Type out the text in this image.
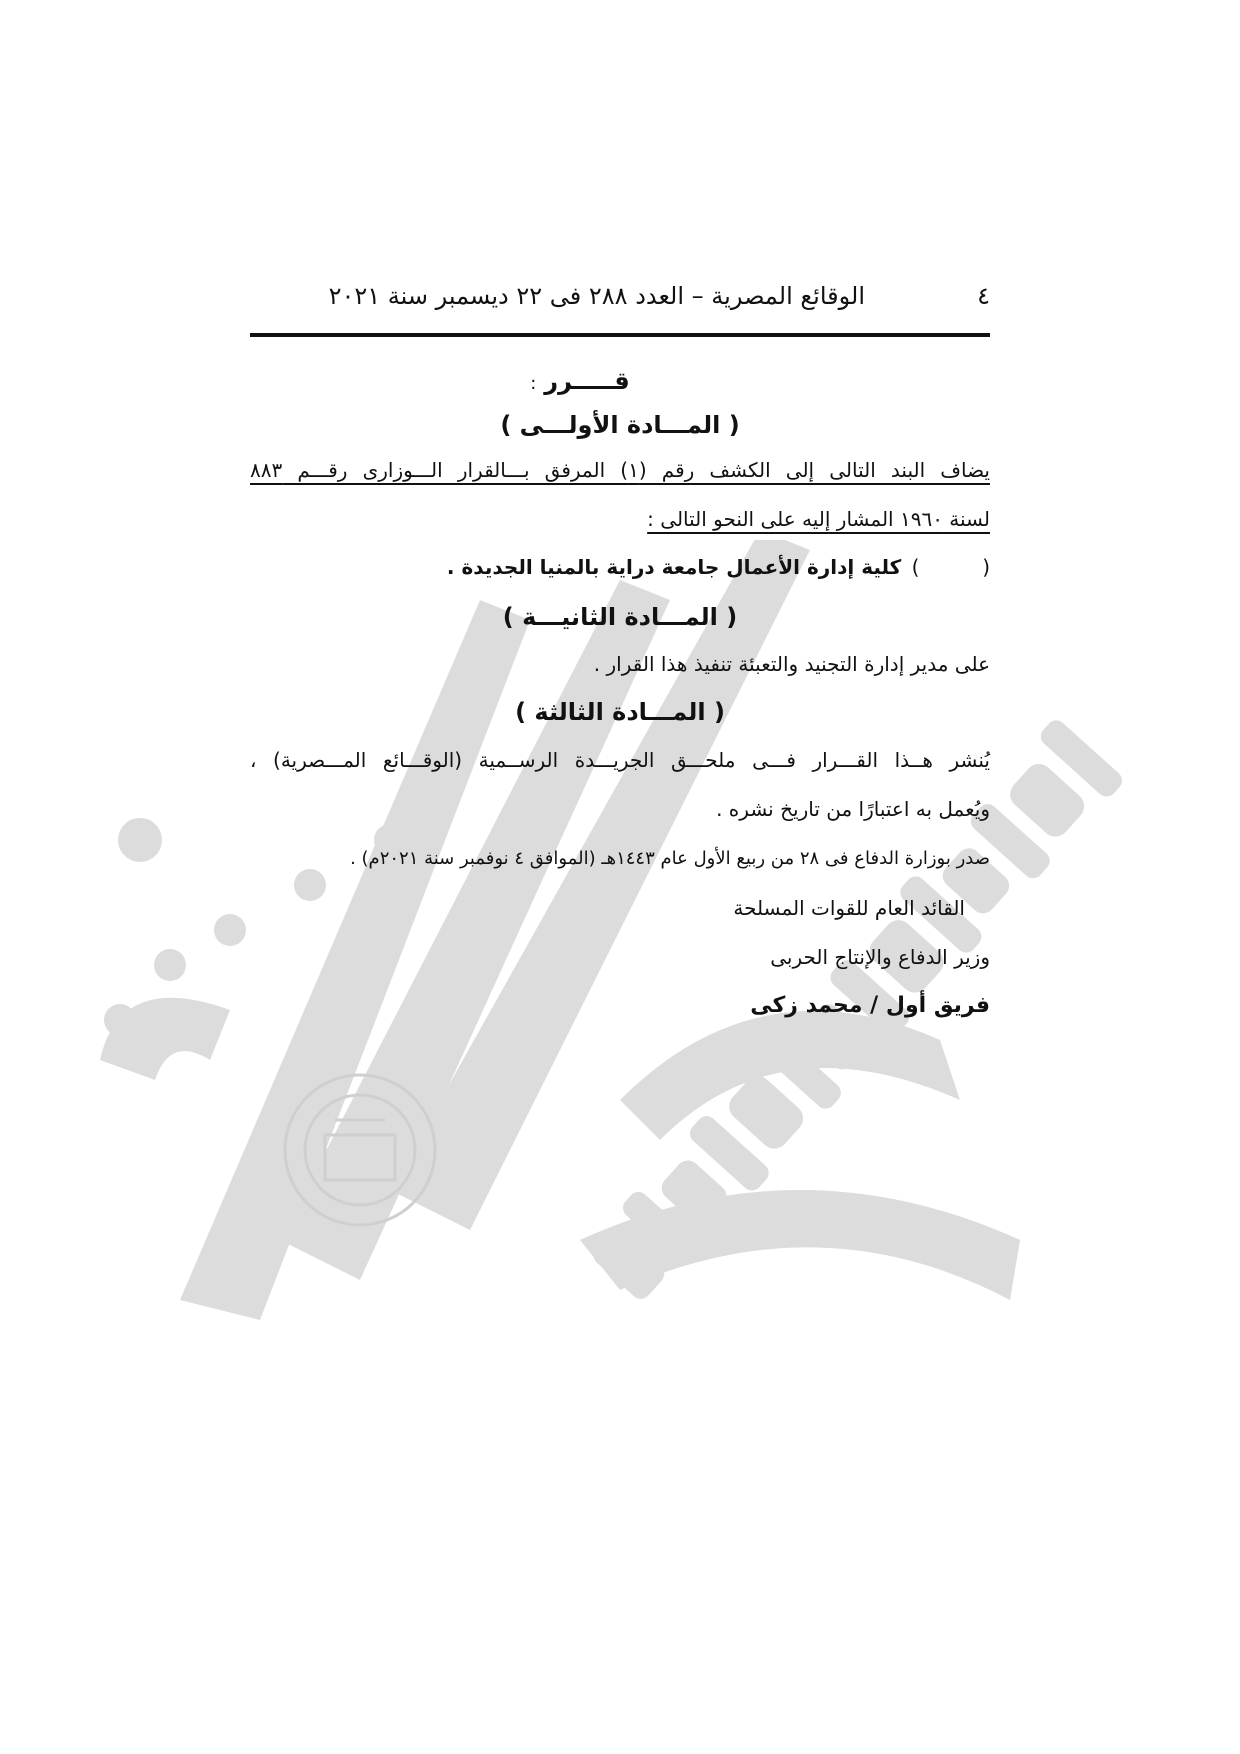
٤
الوقائع المصرية – العدد ٢٨٨ فى ٢٢ ديسمبر سنة ٢٠٢١
قـــــرر:
( المـــادة الأولـــى )
يضاف البند التالى إلى الكشف رقم (١) المرفق بـــالقرار الـــوزارى رقـــم ٨٨٣
لسنة ١٩٦٠ المشار إليه على النحو التالى :
(  ) كلية إدارة الأعمال جامعة دراية بالمنيا الجديدة .
( المـــادة الثانيـــة )
على مدير إدارة التجنيد والتعبئة تنفيذ هذا القرار .
( المـــادة الثالثة )
يُنشر هــذا القـــرار فـــى ملحـــق الجريـــدة الرســمية (الوقـــائع المـــصرية) ،
ويُعمل به اعتبارًا من تاريخ نشره .
صدر بوزارة الدفاع فى ٢٨ من ربيع الأول عام ١٤٤٣هـ (الموافق ٤ نوفمبر سنة ٢٠٢١م) .
القائد العام للقوات المسلحة
وزير الدفاع والإنتاج الحربى
فريق أول / محمد زكى
